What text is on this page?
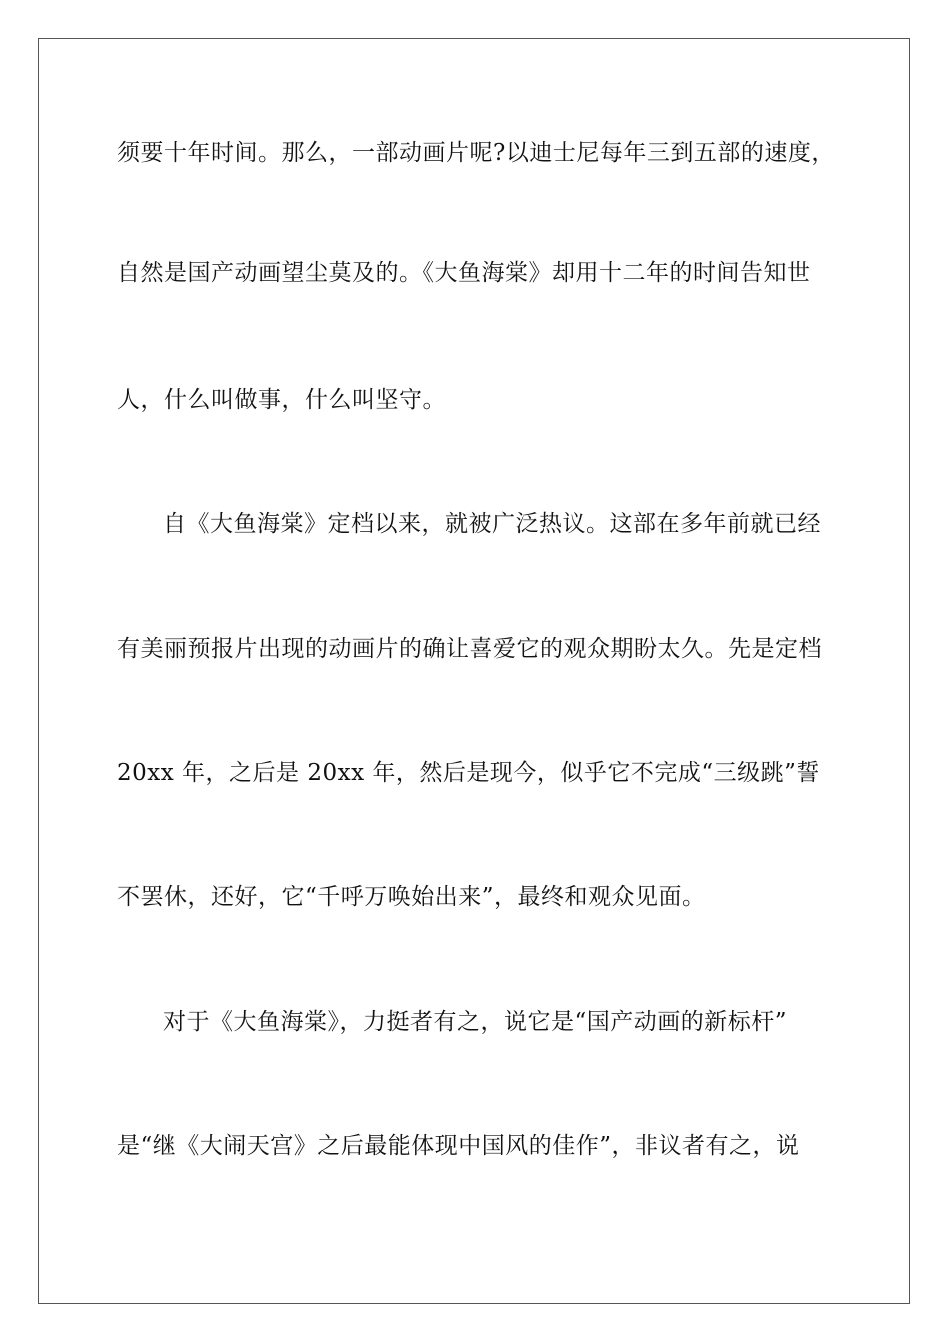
须要十年时间。那么，一部动画片呢?以迪士尼每年三到五部的速度，
自然是国产动画望尘莫及的。《大鱼海棠》却用十二年的时间告知世
人，什么叫做事，什么叫坚守。
自《大鱼海棠》定档以来，就被广泛热议。这部在多年前就已经
有美丽预报片出现的动画片的确让喜爱它的观众期盼太久。先是定档
20xx 年，之后是 20xx 年，然后是现今，似乎它不完成“三级跳”誓
不罢休，还好，它“千呼万唤始出来”，最终和观众见面。
对于《大鱼海棠》，力挺者有之，说它是“国产动画的新标杆”
是“继《大闹天宫》之后最能体现中国风的佳作”，非议者有之，说
